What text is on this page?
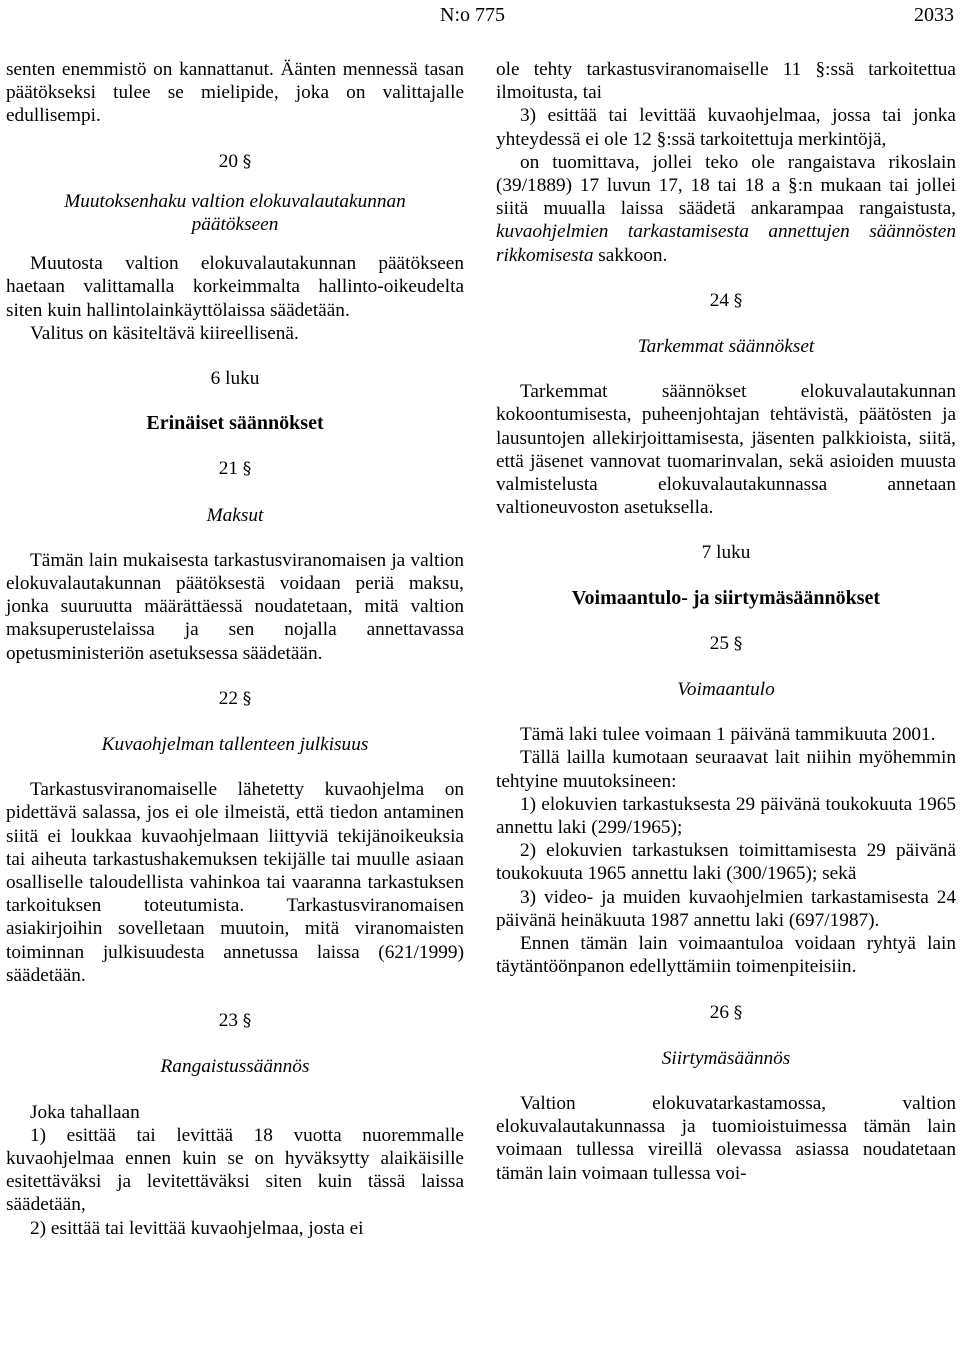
N:o 775	2033

senten enemmistö on kannattanut. Äänten mennessä tasan päätökseksi tulee se mielipide, joka on valittajalle edullisempi.

20 §

Muutoksenhaku valtion elokuvalautakunnan päätökseen

Muutosta valtion elokuvalautakunnan päätökseen haetaan valittamalla korkeimmalta hallinto-oikeudelta siten kuin hallintolainkäyttölaissa säädetään.

Valitus on käsiteltävä kiireellisenä.

6 luku

Erinäiset säännökset

21 §

Maksut

Tämän lain mukaisesta tarkastusviranomaisen ja valtion elokuvalautakunnan päätöksestä voidaan periä maksu, jonka suuruutta määrättäessä noudatetaan, mitä valtion maksuperustelaissa ja sen nojalla annettavassa opetusministeriön asetuksessa säädetään.

22 §

Kuvaohjelman tallenteen julkisuus

Tarkastusviranomaiselle lähetetty kuvaohjelma on pidettävä salassa, jos ei ole ilmeistä, että tiedon antaminen siitä ei loukkaa kuvaohjelmaan liittyviä tekijänoikeuksia tai aiheuta tarkastushakemuksen tekijälle tai muulle asiaan osalliselle taloudellista vahinkoa tai vaaranna tarkastuksen tarkoituksen toteutumista. Tarkastusviranomaisen asiakirjoihin sovelletaan muutoin, mitä viranomaisten toiminnan julkisuudesta annetussa laissa (621/1999) säädetään.

23 §

Rangaistussäännös

Joka tahallaan

1) esittää tai levittää 18 vuotta nuoremmalle kuvaohjelmaa ennen kuin se on hyväksytty alaikäisille esitettäväksi ja levitettäväksi siten kuin tässä laissa säädetään,

2) esittää tai levittää kuvaohjelmaa, josta ei

ole tehty tarkastusviranomaiselle 11 §:ssä tarkoitettua ilmoitusta, tai

3) esittää tai levittää kuvaohjelmaa, jossa tai jonka yhteydessä ei ole 12 §:ssä tarkoitettuja merkintöjä,

on tuomittava, jollei teko ole rangaistava rikoslain (39/1889) 17 luvun 17, 18 tai 18 a §:n mukaan tai jollei siitä muualla laissa säädetä ankarampaa rangaistusta, kuvaohjelmien tarkastamisesta annettujen säännösten rikkomisesta sakkoon.

24 §

Tarkemmat säännökset

Tarkemmat säännökset elokuvalautakunnan kokoontumisesta, puheenjohtajan tehtävistä, päätösten ja lausuntojen allekirjoittamisesta, jäsenten palkkioista, siitä, että jäsenet vannovat tuomarinvalan, sekä asioiden muusta valmistelusta elokuvalautakunnassa annetaan valtioneuvoston asetuksella.

7 luku

Voimaantulo- ja siirtymäsäännökset

25 §

Voimaantulo

Tämä laki tulee voimaan 1 päivänä tammikuuta 2001.

Tällä lailla kumotaan seuraavat lait niihin myöhemmin tehtyine muutoksineen:

1) elokuvien tarkastuksesta 29 päivänä toukokuuta 1965 annettu laki (299/1965);

2) elokuvien tarkastuksen toimittamisesta 29 päivänä toukokuuta 1965 annettu laki (300/1965); sekä

3) video- ja muiden kuvaohjelmien tarkastamisesta 24 päivänä heinäkuuta 1987 annettu laki (697/1987).

Ennen tämän lain voimaantuloa voidaan ryhtyä lain täytäntöönpanon edellyttämiin toimenpiteisiin.

26 §

Siirtymäsäännös

Valtion elokuvatarkastamossa, valtion elokuvalautakunnassa ja tuomioistuimessa tämän lain voimaan tullessa vireillä olevassa asiassa noudatetaan tämän lain voimaan tullessa voi-
